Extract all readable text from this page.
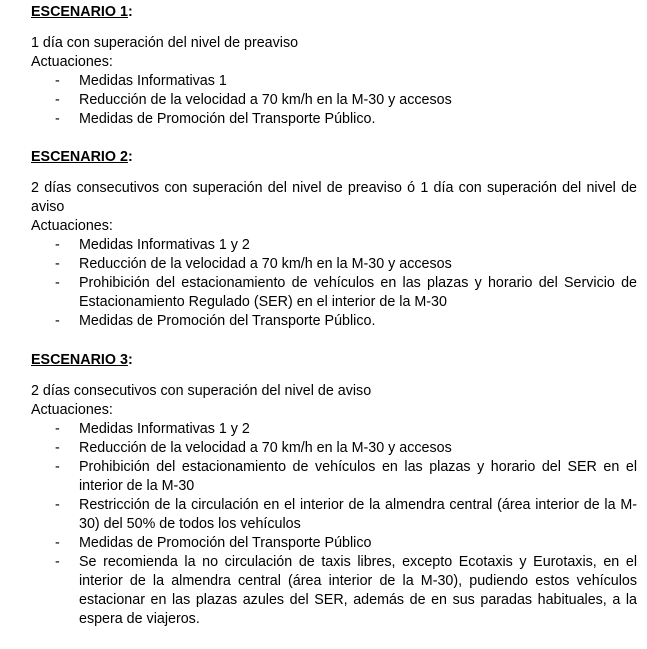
ESCENARIO 1:
1 día con superación del nivel de preaviso
Actuaciones:
- Medidas Informativas 1
- Reducción de la velocidad a 70 km/h en la M-30 y accesos
- Medidas de Promoción del Transporte Público.
ESCENARIO 2:
2 días consecutivos con superación del nivel de preaviso ó 1 día con superación del nivel de aviso
Actuaciones:
- Medidas Informativas 1 y 2
- Reducción de la velocidad a 70 km/h en la M-30 y accesos
- Prohibición del estacionamiento de vehículos en las plazas y horario del Servicio de Estacionamiento Regulado (SER) en el interior de la M-30
- Medidas de Promoción del Transporte Público.
ESCENARIO 3:
2 días consecutivos con superación del nivel de aviso
Actuaciones:
- Medidas Informativas 1 y 2
- Reducción de la velocidad a 70 km/h en la M-30 y accesos
- Prohibición del estacionamiento de vehículos en las plazas y horario del SER en el interior de la M-30
- Restricción de la circulación en el interior de la almendra central (área interior de la M-30) del 50% de todos los vehículos
- Medidas de Promoción del Transporte Público
- Se recomienda la no circulación de taxis libres, excepto Ecotaxis y Eurotaxis, en el interior de la almendra central (área interior de la M-30), pudiendo estos vehículos estacionar en las plazas azules del SER, además de en sus paradas habituales, a la espera de viajeros.
